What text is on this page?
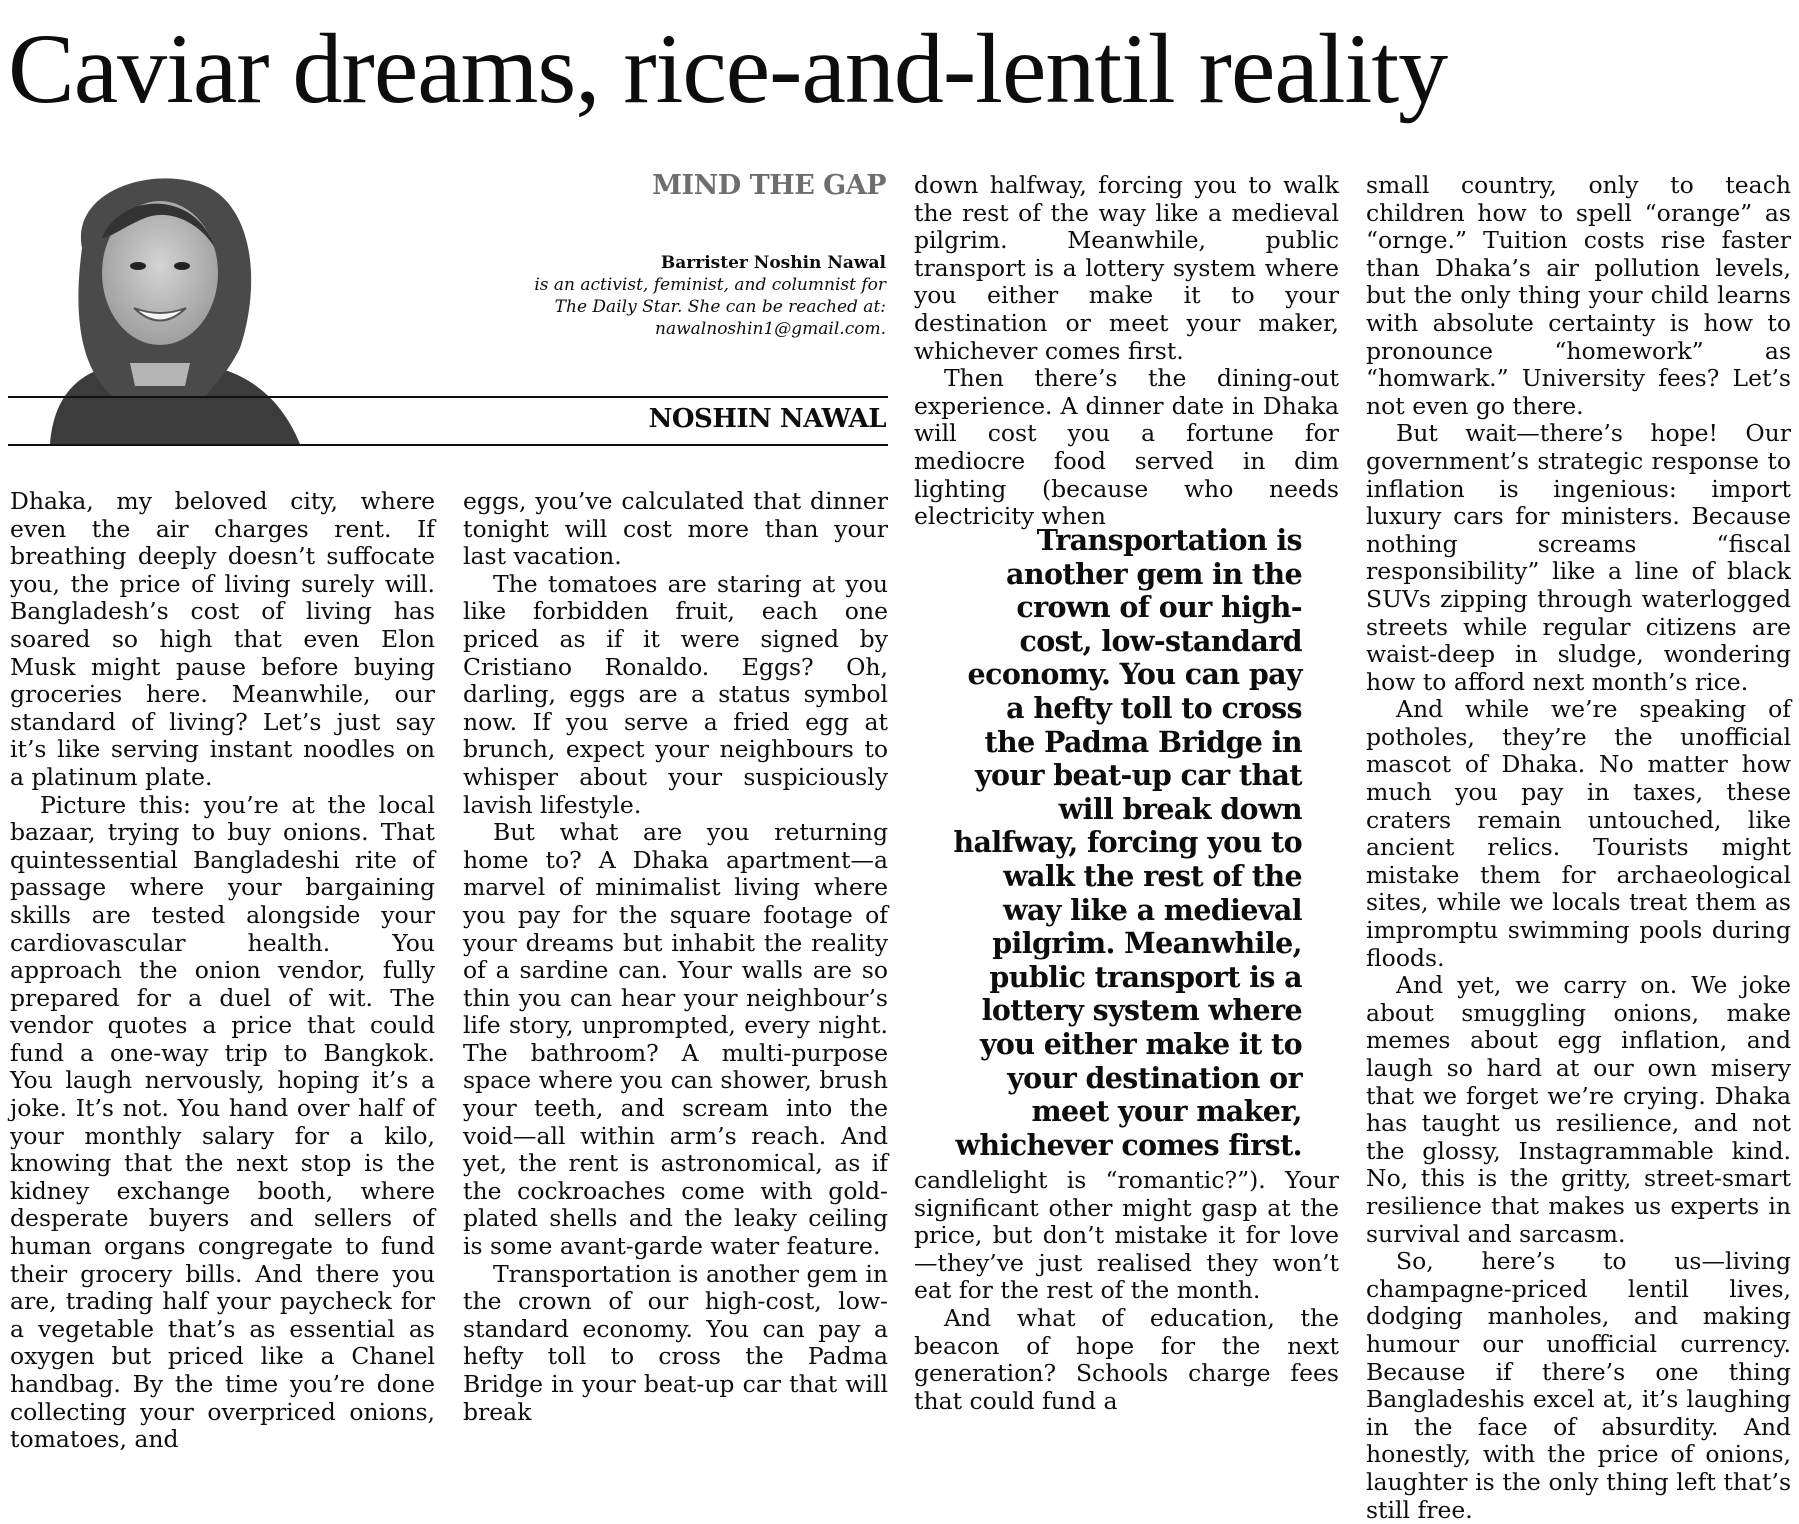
Caviar dreams, rice-and-lentil reality
MIND THE GAP
Barrister Noshin Nawal
is an activist, feminist, and columnist for
The Daily Star. She can be reached at:
nawalnoshin1@gmail.com.
NOSHIN NAWAL

Dhaka, my beloved city, where even the air charges rent. If breathing deeply doesn’t suffocate you, the price of living surely will. Bangladesh’s cost of living has soared so high that even Elon Musk might pause before buying groceries here. Meanwhile, our standard of living? Let’s just say it’s like serving instant noodles on a platinum plate.

Picture this: you’re at the local bazaar, trying to buy onions. That quintessential Bangladeshi rite of passage where your bargaining skills are tested alongside your cardiovascular health. You approach the onion vendor, fully prepared for a duel of wit. The vendor quotes a price that could fund a one-way trip to Bangkok. You laugh nervously, hoping it’s a joke. It’s not. You hand over half of your monthly salary for a kilo, knowing that the next stop is the kidney exchange booth, where desperate buyers and sellers of human organs congregate to fund their grocery bills. And there you are, trading half your paycheck for a vegetable that’s as essential as oxygen but priced like a Chanel handbag. By the time you’re done collecting your overpriced onions, tomatoes, and

eggs, you’ve calculated that dinner tonight will cost more than your last vacation.

The tomatoes are staring at you like forbidden fruit, each one priced as if it were signed by Cristiano Ronaldo. Eggs? Oh, darling, eggs are a status symbol now. If you serve a fried egg at brunch, expect your neighbours to whisper about your suspiciously lavish lifestyle.

But what are you returning home to? A Dhaka apartment—a marvel of minimalist living where you pay for the square footage of your dreams but inhabit the reality of a sardine can. Your walls are so thin you can hear your neighbour’s life story, unprompted, every night. The bathroom? A multi-purpose space where you can shower, brush your teeth, and scream into the void—all within arm’s reach. And yet, the rent is astronomical, as if the cockroaches come with gold-plated shells and the leaky ceiling is some avant-garde water feature.

Transportation is another gem in the crown of our high-cost, low-standard economy. You can pay a hefty toll to cross the Padma Bridge in your beat-up car that will break

down halfway, forcing you to walk the rest of the way like a medieval pilgrim. Meanwhile, public transport is a lottery system where you either make it to your destination or meet your maker, whichever comes first.

Then there’s the dining-out experience. A dinner date in Dhaka will cost you a fortune for mediocre food served in dim lighting (because who needs electricity when

Transportation is another gem in the crown of our high-cost, low-standard economy. You can pay a hefty toll to cross the Padma Bridge in your beat-up car that will break down halfway, forcing you to walk the rest of the way like a medieval pilgrim. Meanwhile, public transport is a lottery system where you either make it to your destination or meet your maker, whichever comes first.

candlelight is “romantic?”). Your significant other might gasp at the price, but don’t mistake it for love—they’ve just realised they won’t eat for the rest of the month.

And what of education, the beacon of hope for the next generation? Schools charge fees that could fund a

small country, only to teach children how to spell “orange” as “ornge.” Tuition costs rise faster than Dhaka’s air pollution levels, but the only thing your child learns with absolute certainty is how to pronounce “homework” as “homwark.” University fees? Let’s not even go there.

But wait—there’s hope! Our government’s strategic response to inflation is ingenious: import luxury cars for ministers. Because nothing screams “fiscal responsibility” like a line of black SUVs zipping through waterlogged streets while regular citizens are waist-deep in sludge, wondering how to afford next month’s rice.

And while we’re speaking of potholes, they’re the unofficial mascot of Dhaka. No matter how much you pay in taxes, these craters remain untouched, like ancient relics. Tourists might mistake them for archaeological sites, while we locals treat them as impromptu swimming pools during floods.

And yet, we carry on. We joke about smuggling onions, make memes about egg inflation, and laugh so hard at our own misery that we forget we’re crying. Dhaka has taught us resilience, and not the glossy, Instagrammable kind. No, this is the gritty, street-smart resilience that makes us experts in survival and sarcasm.

So, here’s to us—living champagne-priced lentil lives, dodging manholes, and making humour our unofficial currency. Because if there’s one thing Bangladeshis excel at, it’s laughing in the face of absurdity. And honestly, with the price of onions, laughter is the only thing left that’s still free.
